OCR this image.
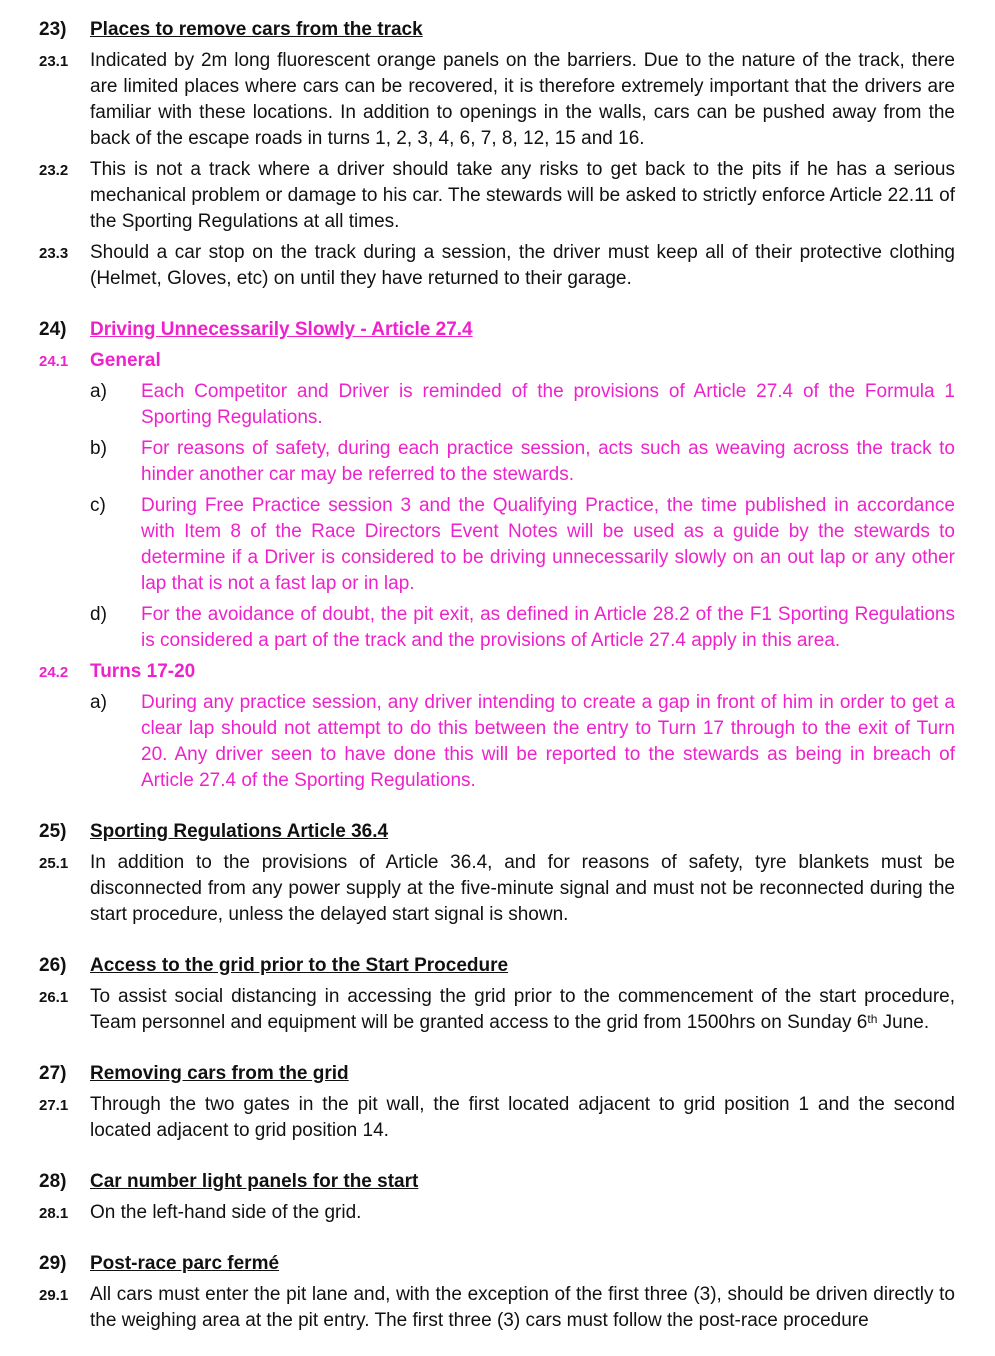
23) Places to remove cars from the track
23.1 Indicated by 2m long fluorescent orange panels on the barriers. Due to the nature of the track, there are limited places where cars can be recovered, it is therefore extremely important that the drivers are familiar with these locations. In addition to openings in the walls, cars can be pushed away from the back of the escape roads in turns 1, 2, 3, 4, 6, 7, 8, 12, 15 and 16.
23.2 This is not a track where a driver should take any risks to get back to the pits if he has a serious mechanical problem or damage to his car. The stewards will be asked to strictly enforce Article 22.11 of the Sporting Regulations at all times.
23.3 Should a car stop on the track during a session, the driver must keep all of their protective clothing (Helmet, Gloves, etc) on until they have returned to their garage.
24) Driving Unnecessarily Slowly - Article 27.4
24.1 General
a) Each Competitor and Driver is reminded of the provisions of Article 27.4 of the Formula 1 Sporting Regulations.
b) For reasons of safety, during each practice session, acts such as weaving across the track to hinder another car may be referred to the stewards.
c) During Free Practice session 3 and the Qualifying Practice, the time published in accordance with Item 8 of the Race Directors Event Notes will be used as a guide by the stewards to determine if a Driver is considered to be driving unnecessarily slowly on an out lap or any other lap that is not a fast lap or in lap.
d) For the avoidance of doubt, the pit exit, as defined in Article 28.2 of the F1 Sporting Regulations is considered a part of the track and the provisions of Article 27.4 apply in this area.
24.2 Turns 17-20
a) During any practice session, any driver intending to create a gap in front of him in order to get a clear lap should not attempt to do this between the entry to Turn 17 through to the exit of Turn 20. Any driver seen to have done this will be reported to the stewards as being in breach of Article 27.4 of the Sporting Regulations.
25) Sporting Regulations Article 36.4
25.1 In addition to the provisions of Article 36.4, and for reasons of safety, tyre blankets must be disconnected from any power supply at the five-minute signal and must not be reconnected during the start procedure, unless the delayed start signal is shown.
26) Access to the grid prior to the Start Procedure
26.1 To assist social distancing in accessing the grid prior to the commencement of the start procedure, Team personnel and equipment will be granted access to the grid from 1500hrs on Sunday 6th June.
27) Removing cars from the grid
27.1 Through the two gates in the pit wall, the first located adjacent to grid position 1 and the second located adjacent to grid position 14.
28) Car number light panels for the start
28.1 On the left-hand side of the grid.
29) Post-race parc fermé
29.1 All cars must enter the pit lane and, with the exception of the first three (3), should be driven directly to the weighing area at the pit entry. The first three (3) cars must follow the post-race procedure
